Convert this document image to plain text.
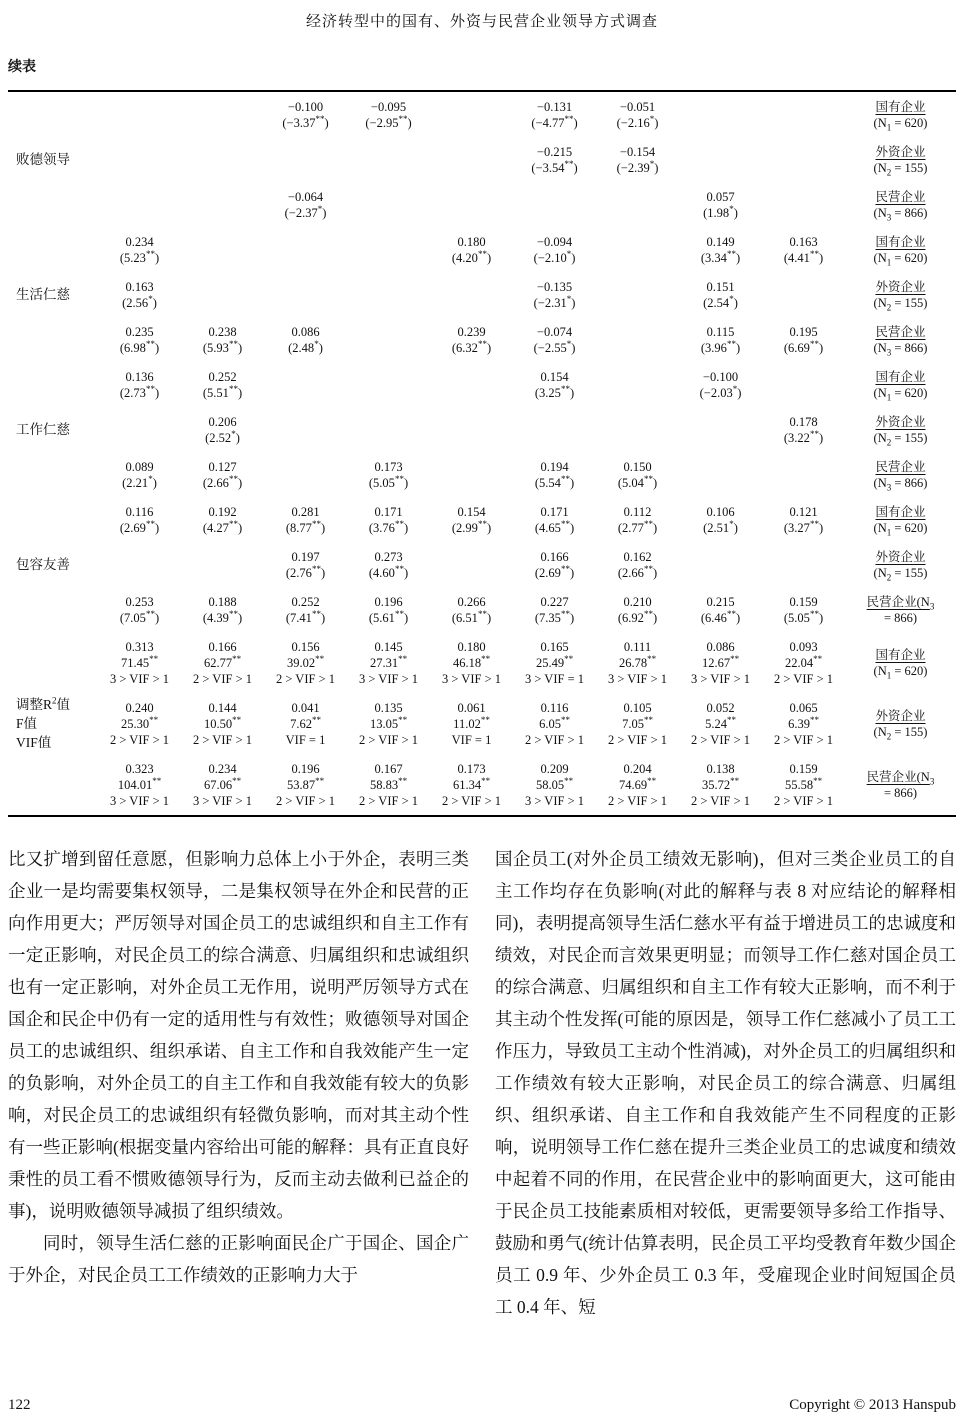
经济转型中的国有、外资与民营企业领导方式调查
续表
败德领导
−0.100
(−3.37**)
−0.095
(−2.95**)
−0.131
(−4.77**)
−0.051
(−2.16*)
国有企业
$(N_1 = 620)$
−0.215
(−3.54**)
−0.154
(−2.39*)
外资企业
$(N_2 = 155)$
−0.064
(−2.37*)
0.057
(1.98*)
民营企业
$(N_3 = 866)$
生活仁慈
0.234
(5.23**)
0.180
(4.20**)
−0.094
(−2.10*)
0.149
(3.34**)
0.163
(4.41**)
国有企业
$(N_1 = 620)$
0.163
(2.56*)
−0.135
(−2.31*)
0.151
(2.54*)
外资企业
$(N_2 = 155)$
0.235
(6.98**)
0.238
(5.93**)
0.086
(2.48*)
0.239
(6.32**)
−0.074
(−2.55*)
0.115
(3.96**)
0.195
(6.69**)
民营企业
$(N_3 = 866)$
工作仁慈
0.136
(2.73**)
0.252
(5.51**)
0.154
(3.25**)
−0.100
(−2.03*)
国有企业
$(N_1 = 620)$
0.206
(2.52*)
0.178
(3.22**)
外资企业
$(N_2 = 155)$
0.089
(2.21*)
0.127
(2.66**)
0.173
(5.05**)
0.194
(5.54**)
0.150
(5.04**)
民营企业
$(N_3 = 866)$
包容友善
0.116
(2.69**)
0.192
(4.27**)
0.281
(8.77**)
0.171
(3.76**)
0.154
(2.99**)
0.171
(4.65**)
0.112
(2.77**)
0.106
(2.51*)
0.121
(3.27**)
国有企业
$(N_1 = 620)$
0.197
(2.76**)
0.273
(4.60**)
0.166
(2.69**)
0.162
(2.66**)
外资企业
$(N_2 = 155)$
0.253
(7.05**)
0.188
(4.39**)
0.252
(7.41**)
0.196
(5.61**)
0.266
(6.51**)
0.227
(7.35**)
0.210
(6.92**)
0.215
(6.46**)
0.159
(5.05**)
民营企业($N_3$
= 866)
调整$R^2$值
F值
VIF值
0.313
71.45**
3 > VIF > 1
0.166
62.77**
2 > VIF > 1
0.156
39.02**
2 > VIF > 1
0.145
27.31**
3 > VIF > 1
0.180
46.18**
3 > VIF > 1
0.165
25.49**
3 > VIF = 1
0.111
26.78**
3 > VIF > 1
0.086
12.67**
3 > VIF > 1
0.093
22.04**
2 > VIF > 1
国有企业
$(N_1 = 620)$
0.240
25.30**
2 > VIF > 1
0.144
10.50**
2 > VIF > 1
0.041
7.62**
VIF = 1
0.135
13.05**
2 > VIF > 1
0.061
11.02**
VIF = 1
0.116
6.05**
2 > VIF > 1
0.105
7.05**
2 > VIF > 1
0.052
5.24**
2 > VIF > 1
0.065
6.39**
2 > VIF > 1
外资企业
$(N_2 = 155)$
0.323
104.01**
3 > VIF > 1
0.234
67.06**
3 > VIF > 1
0.196
53.87**
2 > VIF > 1
0.167
58.83**
2 > VIF > 1
0.173
61.34**
2 > VIF > 1
0.209
58.05**
3 > VIF > 1
0.204
74.69**
2 > VIF > 1
0.138
35.72**
2 > VIF > 1
0.159
55.58**
2 > VIF > 1
民营企业($N_3$
= 866)

比又扩增到留任意愿，但影响力总体上小于外企，表明三类企业一是均需要集权领导，二是集权领导在外企和民营的正向作用更大；严厉领导对国企员工的忠诚组织和自主工作有一定正影响，对民企员工的综合满意、归属组织和忠诚组织也有一定正影响，对外企员工无作用，说明严厉领导方式在国企和民企中仍有一定的适用性与有效性；败德领导对国企员工的忠诚组织、组织承诺、自主工作和自我效能产生一定的负影响，对外企员工的自主工作和自我效能有较大的负影响，对民企员工的忠诚组织有轻微负影响，而对其主动个性有一些正影响(根据变量内容给出可能的解释：具有正直良好秉性的员工看不惯败德领导行为，反而主动去做利已益企的事)，说明败德领导减损了组织绩效。

同时，领导生活仁慈的正影响面民企广于国企、国企广于外企，对民企员工工作绩效的正影响力大于

国企员工(对外企员工绩效无影响)，但对三类企业员工的自主工作均存在负影响(对此的解释与表 8 对应结论的解释相同)，表明提高领导生活仁慈水平有益于增进员工的忠诚度和绩效，对民企而言效果更明显；而领导工作仁慈对国企员工的综合满意、归属组织和自主工作有较大正影响，而不利于其主动个性发挥(可能的原因是，领导工作仁慈减小了员工工作压力，导致员工主动个性消减)，对外企员工的归属组织和工作绩效有较大正影响，对民企员工的综合满意、归属组织、组织承诺、自主工作和自我效能产生不同程度的正影响，说明领导工作仁慈在提升三类企业员工的忠诚度和绩效中起着不同的作用，在民营企业中的影响面更大，这可能由于民企员工技能素质相对较低，更需要领导多给工作指导、鼓励和勇气(统计估算表明，民企员工平均受教育年数少国企员工 0.9 年、少外企员工 0.3 年，受雇现企业时间短国企员工 0.4 年、短

122	Copyright © 2013 Hanspub
